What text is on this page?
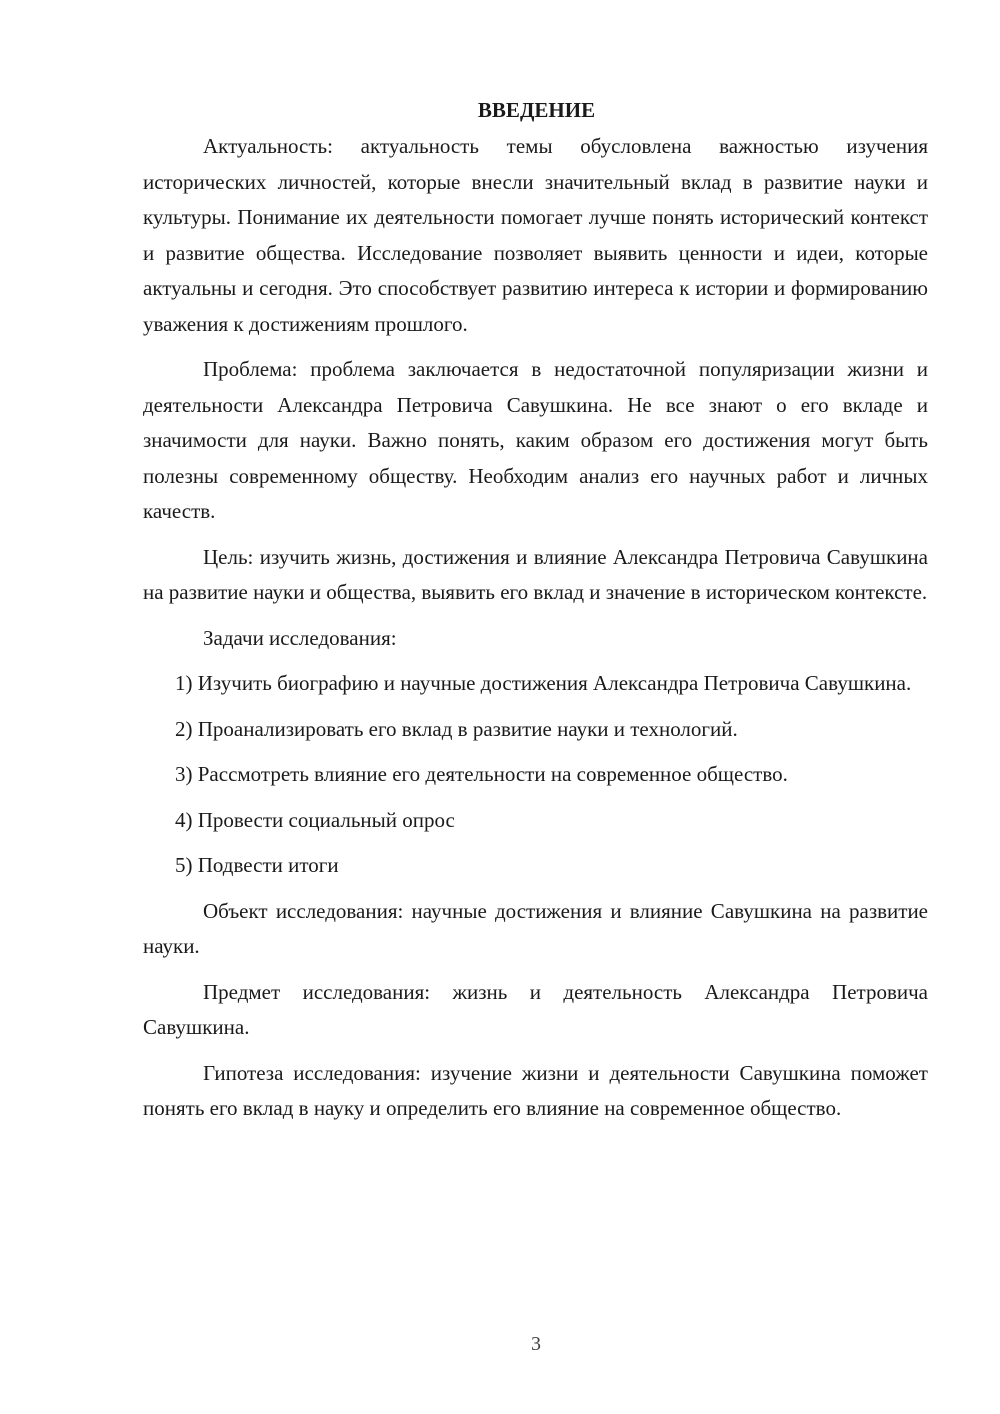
ВВЕДЕНИЕ

Актуальность: актуальность темы обусловлена важностью изучения исторических личностей, которые внесли значительный вклад в развитие науки и культуры. Понимание их деятельности помогает лучше понять исторический контекст и развитие общества. Исследование позволяет выявить ценности и идеи, которые актуальны и сегодня. Это способствует развитию интереса к истории и формированию уважения к достижениям прошлого.

Проблема: проблема заключается в недостаточной популяризации жизни и деятельности Александра Петровича Савушкина. Не все знают о его вкладе и значимости для науки. Важно понять, каким образом его достижения могут быть полезны современному обществу. Необходим анализ его научных работ и личных качеств.

Цель: изучить жизнь, достижения и влияние Александра Петровича Савушкина на развитие науки и общества, выявить его вклад и значение в историческом контексте.

Задачи исследования:

1) Изучить биографию и научные достижения Александра Петровича Савушкина.

2) Проанализировать его вклад в развитие науки и технологий.

3) Рассмотреть влияние его деятельности на современное общество.

4) Провести социальный опрос

5) Подвести итоги

Объект исследования: научные достижения и влияние Савушкина на развитие науки.

Предмет исследования: жизнь и деятельность Александра Петровича Савушкина.

Гипотеза исследования: изучение жизни и деятельности Савушкина поможет понять его вклад в науку и определить его влияние на современное общество.

3
